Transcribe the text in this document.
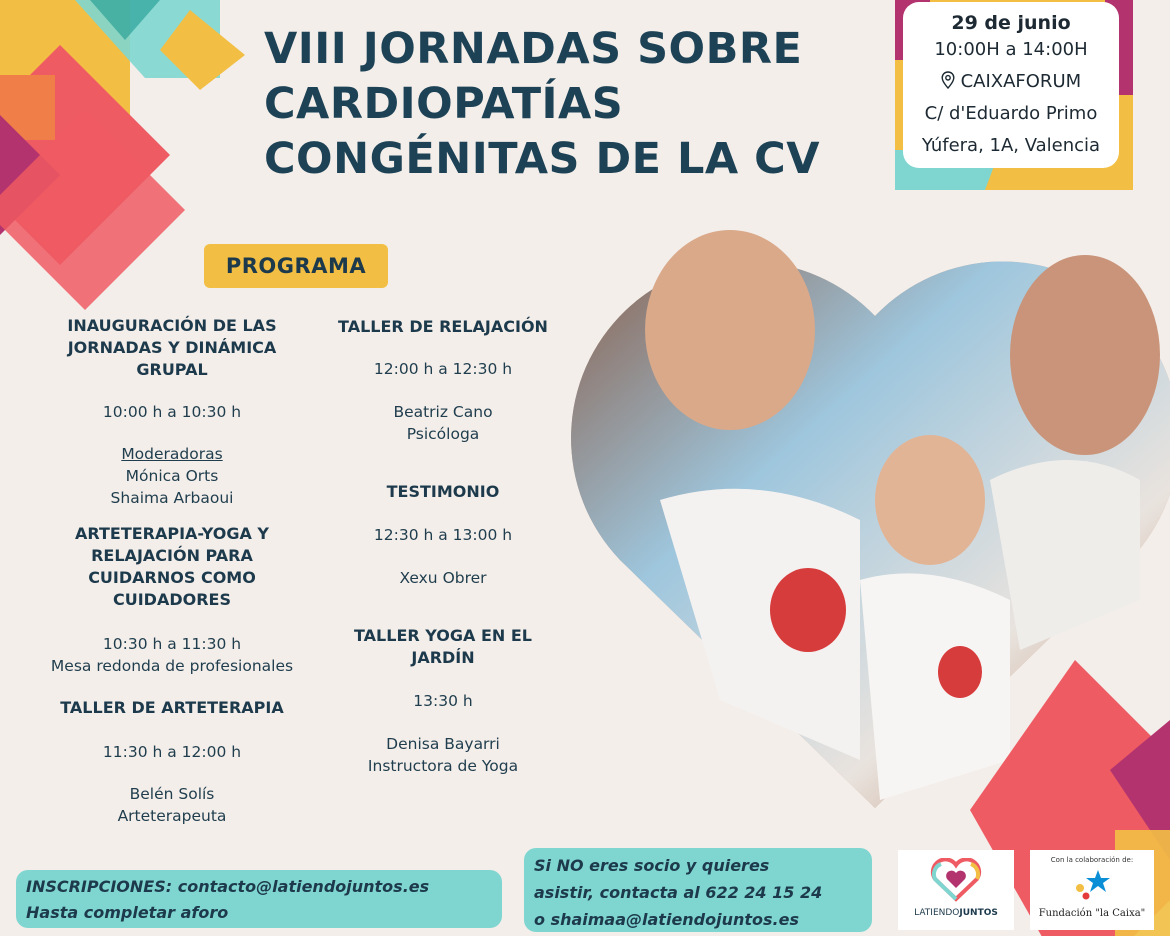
VIII JORNADAS SOBRE
CARDIOPATÍAS
CONGÉNITAS DE LA CV
29 de junio
10:00H a 14:00H
CAIXAFORUM
C/ d'Eduardo Primo
Yúfera, 1A, Valencia
PROGRAMA
INAUGURACIÓN DE LAS
JORNADAS Y DINÁMICA
GRUPAL
10:00 h a 10:30 h
Moderadoras
Mónica Orts
Shaima Arbaoui
ARTETERAPIA-YOGA Y
RELAJACIÓN PARA
CUIDARNOS COMO
CUIDADORES
10:30 h a 11:30 h
Mesa redonda de profesionales
TALLER DE ARTETERAPIA
11:30 h a 12:00 h
Belén Solís
Arteterapeuta
TALLER DE RELAJACIÓN
12:00 h a 12:30 h
Beatriz Cano
Psicóloga
TESTIMONIO
12:30 h a 13:00 h
Xexu Obrer
TALLER YOGA EN EL
JARDÍN
13:30 h
Denisa Bayarri
Instructora de Yoga
INSCRIPCIONES: contacto@latiendojuntos.es
Hasta completar aforo
Si NO eres socio y quieres
asistir, contacta al 622 24 15 24
o shaimaa@latiendojuntos.es	LATIENDOJUNTOS
Con la colaboración de:
Fundación "la Caixa"
